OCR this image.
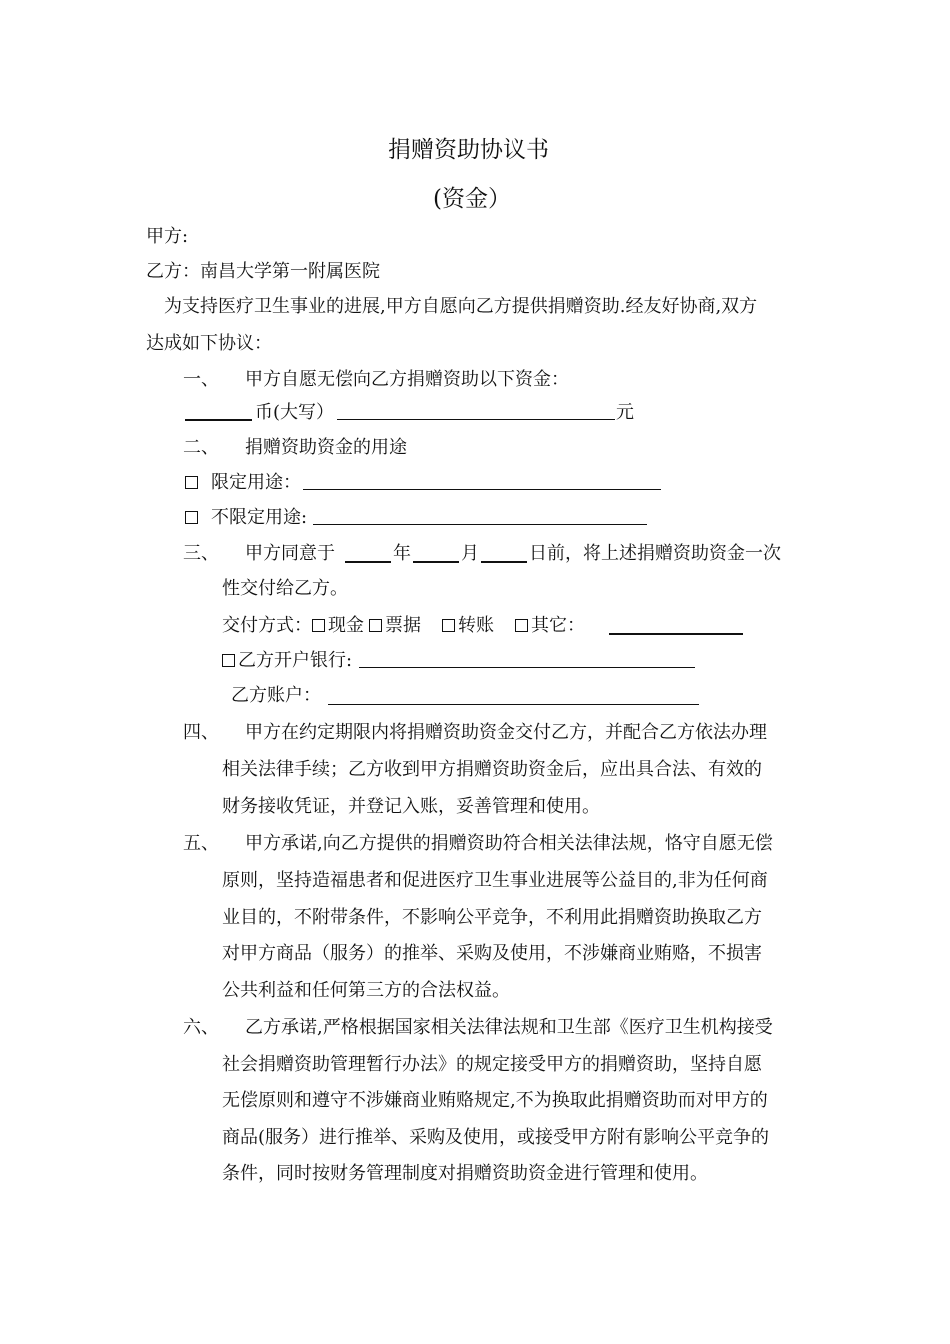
捐赠资助协议书
(资金）
甲方:
乙方：南昌大学第一附属医院
为支持医疗卫生事业的进展,甲方自愿向乙方提供捐赠资助.经友好协商,双方
达成如下协议：
一、 甲方自愿无偿向乙方捐赠资助以下资金：
币(大写）	元
二、 捐赠资助资金的用途
限定用途：
不限定用途:
三、 甲方同意于	年	月	日前，将上述捐赠资助资金一次
性交付给乙方。
交付方式： 现金 票据 转账 其它：
乙方开户银行:
乙方账户：
四、 甲方在约定期限内将捐赠资助资金交付乙方，并配合乙方依法办理
相关法律手续；乙方收到甲方捐赠资助资金后，应出具合法、有效的
财务接收凭证，并登记入账，妥善管理和使用。
五、 甲方承诺,向乙方提供的捐赠资助符合相关法律法规，恪守自愿无偿
原则，坚持造福患者和促进医疗卫生事业进展等公益目的,非为任何商
业目的，不附带条件，不影响公平竞争，不利用此捐赠资助换取乙方
对甲方商品（服务）的推举、采购及使用，不涉嫌商业贿赂，不损害
公共利益和任何第三方的合法权益。
六、 乙方承诺,严格根据国家相关法律法规和卫生部《医疗卫生机构接受
社会捐赠资助管理暂行办法》的规定接受甲方的捐赠资助，坚持自愿
无偿原则和遵守不涉嫌商业贿赂规定,不为换取此捐赠资助而对甲方的
商品(服务）进行推举、采购及使用，或接受甲方附有影响公平竞争的
条件，同时按财务管理制度对捐赠资助资金进行管理和使用。
